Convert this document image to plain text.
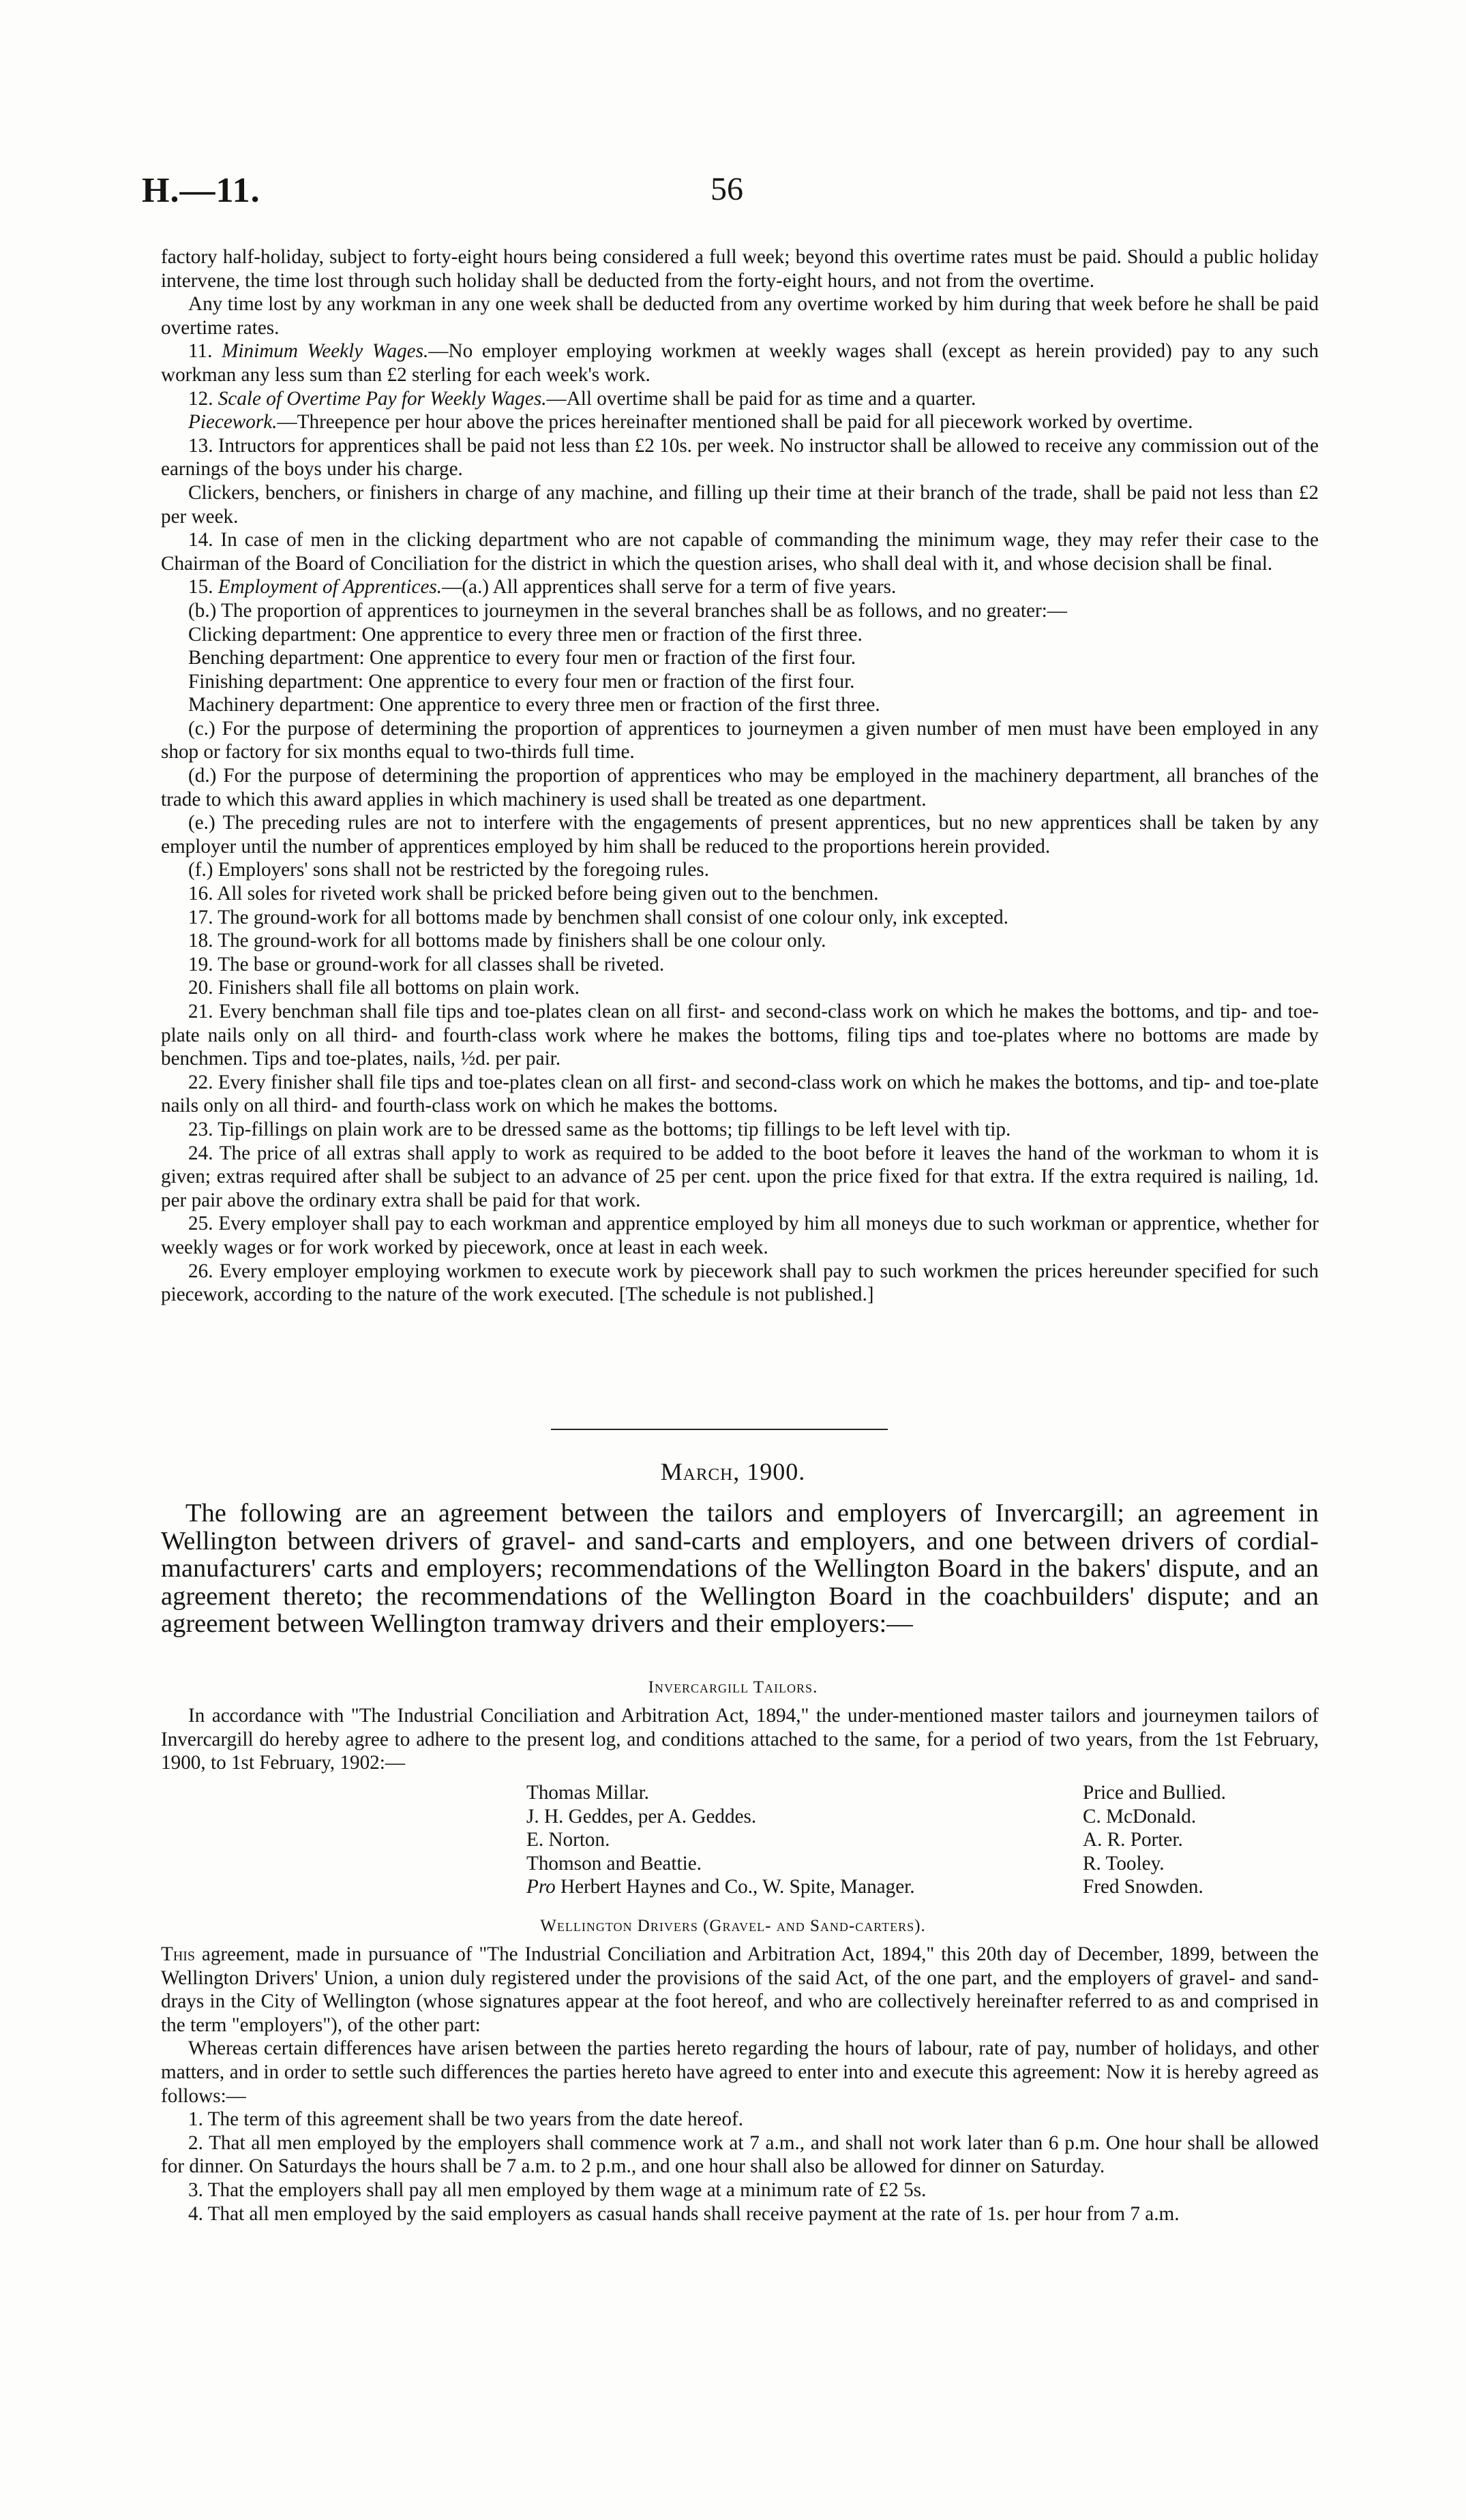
H.—11.	56

factory half-holiday, subject to forty-eight hours being considered a full week; beyond this overtime rates must be paid. Should a public holiday intervene, the time lost through such holiday shall be deducted from the forty-eight hours, and not from the overtime.

Any time lost by any workman in any one week shall be deducted from any overtime worked by him during that week before he shall be paid overtime rates.

11. Minimum Weekly Wages.—No employer employing workmen at weekly wages shall (except as herein provided) pay to any such workman any less sum than £2 sterling for each week's work.

12. Scale of Overtime Pay for Weekly Wages.—All overtime shall be paid for as time and a quarter.

Piecework.—Threepence per hour above the prices hereinafter mentioned shall be paid for all piecework worked by overtime.

13. Intructors for apprentices shall be paid not less than £2 10s. per week. No instructor shall be allowed to receive any commission out of the earnings of the boys under his charge.

Clickers, benchers, or finishers in charge of any machine, and filling up their time at their branch of the trade, shall be paid not less than £2 per week.

14. In case of men in the clicking department who are not capable of commanding the minimum wage, they may refer their case to the Chairman of the Board of Conciliation for the district in which the question arises, who shall deal with it, and whose decision shall be final.

15. Employment of Apprentices.—(a.) All apprentices shall serve for a term of five years.

(b.) The proportion of apprentices to journeymen in the several branches shall be as follows, and no greater:—

Clicking department: One apprentice to every three men or fraction of the first three.

Benching department: One apprentice to every four men or fraction of the first four.

Finishing department: One apprentice to every four men or fraction of the first four.

Machinery department: One apprentice to every three men or fraction of the first three.

(c.) For the purpose of determining the proportion of apprentices to journeymen a given number of men must have been employed in any shop or factory for six months equal to two-thirds full time.

(d.) For the purpose of determining the proportion of apprentices who may be employed in the machinery department, all branches of the trade to which this award applies in which machinery is used shall be treated as one department.

(e.) The preceding rules are not to interfere with the engagements of present apprentices, but no new apprentices shall be taken by any employer until the number of apprentices employed by him shall be reduced to the proportions herein provided.

(f.) Employers' sons shall not be restricted by the foregoing rules.

16. All soles for riveted work shall be pricked before being given out to the benchmen.

17. The ground-work for all bottoms made by benchmen shall consist of one colour only, ink excepted.

18. The ground-work for all bottoms made by finishers shall be one colour only.

19. The base or ground-work for all classes shall be riveted.

20. Finishers shall file all bottoms on plain work.

21. Every benchman shall file tips and toe-plates clean on all first- and second-class work on which he makes the bottoms, and tip- and toe-plate nails only on all third- and fourth-class work where he makes the bottoms, filing tips and toe-plates where no bottoms are made by benchmen. Tips and toe-plates, nails, ½d. per pair.

22. Every finisher shall file tips and toe-plates clean on all first- and second-class work on which he makes the bottoms, and tip- and toe-plate nails only on all third- and fourth-class work on which he makes the bottoms.

23. Tip-fillings on plain work are to be dressed same as the bottoms; tip fillings to be left level with tip.

24. The price of all extras shall apply to work as required to be added to the boot before it leaves the hand of the workman to whom it is given; extras required after shall be subject to an advance of 25 per cent. upon the price fixed for that extra. If the extra required is nailing, 1d. per pair above the ordinary extra shall be paid for that work.

25. Every employer shall pay to each workman and apprentice employed by him all moneys due to such workman or apprentice, whether for weekly wages or for work worked by piecework, once at least in each week.

26. Every employer employing workmen to execute work by piecework shall pay to such workmen the prices hereunder specified for such piecework, according to the nature of the work executed. [The schedule is not published.]

March, 1900.

The following are an agreement between the tailors and employers of Invercargill; an agreement in Wellington between drivers of gravel- and sand-carts and employers, and one between drivers of cordial-manufacturers' carts and employers; recommendations of the Wellington Board in the bakers' dispute, and an agreement thereto; the recommendations of the Wellington Board in the coachbuilders' dispute; and an agreement between Wellington tramway drivers and their employers:—

Invercargill Tailors.

In accordance with "The Industrial Conciliation and Arbitration Act, 1894," the under-mentioned master tailors and journeymen tailors of Invercargill do hereby agree to adhere to the present log, and conditions attached to the same, for a period of two years, from the 1st February, 1900, to 1st February, 1902:—

Thomas Millar.
J. H. Geddes, per A. Geddes.
E. Norton.
Thomson and Beattie.
Pro Herbert Haynes and Co., W. Spite, Manager.
Price and Bullied.
C. McDonald.
A. R. Porter.
R. Tooley.
Fred Snowden.
Wellington Drivers (Gravel- and Sand-carters).

This agreement, made in pursuance of "The Industrial Conciliation and Arbitration Act, 1894," this 20th day of December, 1899, between the Wellington Drivers' Union, a union duly registered under the provisions of the said Act, of the one part, and the employers of gravel- and sand-drays in the City of Wellington (whose signatures appear at the foot hereof, and who are collectively hereinafter referred to as and comprised in the term "employers"), of the other part:

Whereas certain differences have arisen between the parties hereto regarding the hours of labour, rate of pay, number of holidays, and other matters, and in order to settle such differences the parties hereto have agreed to enter into and execute this agreement: Now it is hereby agreed as follows:—

1. The term of this agreement shall be two years from the date hereof.

2. That all men employed by the employers shall commence work at 7 a.m., and shall not work later than 6 p.m. One hour shall be allowed for dinner. On Saturdays the hours shall be 7 a.m. to 2 p.m., and one hour shall also be allowed for dinner on Saturday.

3. That the employers shall pay all men employed by them wage at a minimum rate of £2 5s.

4. That all men employed by the said employers as casual hands shall receive payment at the rate of 1s. per hour from 7 a.m.
